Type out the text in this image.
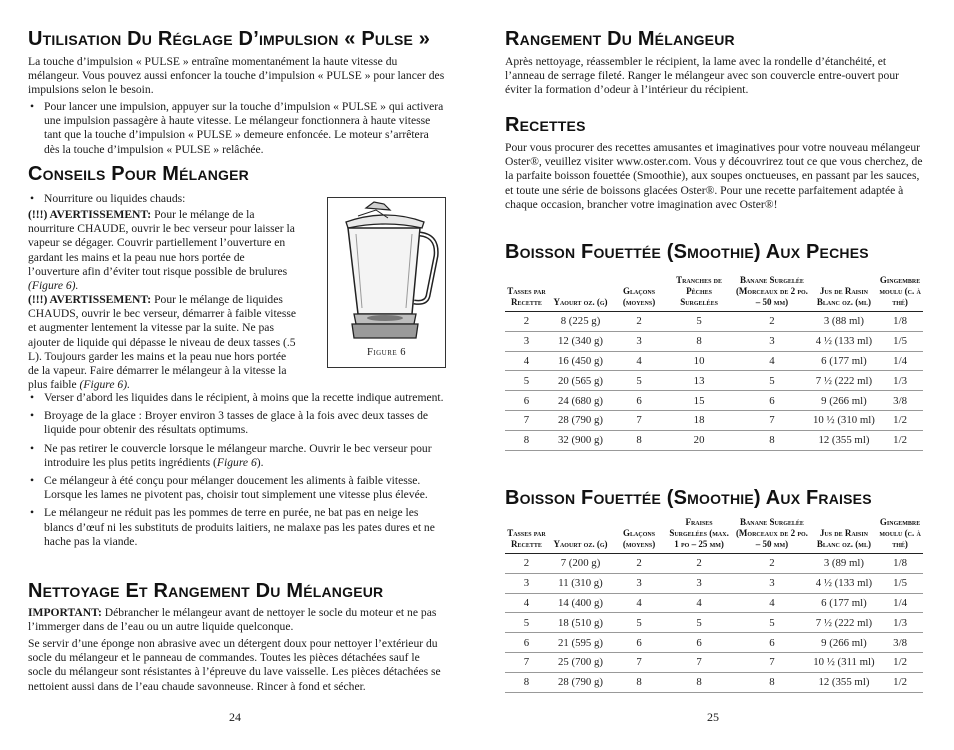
Utilisation Du Réglage D’impulsion « Pulse »

La touche d’impulsion « PULSE » entraîne momentanément la haute vitesse du mélangeur. Vous pouvez aussi enfoncer la touche d’impulsion « PULSE » pour lancer des impulsions selon le besoin.

• Pour lancer une impulsion, appuyer sur la touche d’impulsion « PULSE » qui activera une impulsion passagère à haute vitesse. Le mélangeur fonctionnera à haute vitesse tant que la touche d’impulsion « PULSE » demeure enfoncée. Le moteur s’arrêtera dès la touche d’impulsion « PULSE » relâchée.
Conseils Pour Mélanger
• Nourriture ou liquides chauds:

(!!!) AVERTISSEMENT: Pour le mélange de la nourriture CHAUDE, ouvrir le bec verseur pour laisser la vapeur se dégager. Couvrir partiellement l’ouverture en gardant les mains et la peau nue hors portée de l’ouverture afin d’éviter tout risque possible de brulures (Figure 6).

(!!!) AVERTISSEMENT: Pour le mélange de liquides CHAUDS, ouvrir le bec verseur, démarrer à faible vitesse et augmenter lentement la vitesse par la suite. Ne pas ajouter de liquide qui dépasse le niveau de deux tasses (.5 L). Toujours garder les mains et la peau nue hors portée de la vapeur. Faire démarrer le mélangeur à la vitesse la plus faible (Figure 6).

Figure 6
• Verser d’abord les liquides dans le récipient, à moins que la recette indique autrement.
• Broyage de la glace : Broyer environ 3 tasses de glace à la fois avec deux tasses de liquide pour obtenir des résultats optimums.
• Ne pas retirer le couvercle lorsque le mélangeur marche. Ouvrir le bec verseur pour introduire les plus petits ingrédients (Figure 6).
• Ce mélangeur à été conçu pour mélanger doucement les aliments à faible vitesse. Lorsque les lames ne pivotent pas, choisir tout simplement une vitesse plus élevée.
• Le mélangeur ne réduit pas les pommes de terre en purée, ne bat pas en neige les blancs d’œuf ni les substituts de produits laitiers, ne malaxe pas les pates dures et ne hache pas la viande.
Nettoyage Et Rangement Du Mélangeur

IMPORTANT: Débrancher le mélangeur avant de nettoyer le socle du moteur et ne pas l’immerger dans de l’eau ou un autre liquide quelconque.

Se servir d’une éponge non abrasive avec un détergent doux pour nettoyer l’extérieur du socle du mélangeur et le panneau de commandes. Toutes les pièces détachées sauf le socle du mélangeur sont résistantes à l’épreuve du lave vaisselle. Les pièces détachées se nettoient aussi dans de l’eau chaude savonneuse. Rincer à fond et sécher.

24
Rangement Du Mélangeur

Après nettoyage, réassembler le récipient, la lame avec la rondelle d’étanchéité, et l’anneau de serrage fileté. Ranger le mélangeur avec son couvercle entre-ouvert pour éviter la formation d’odeur à l’intérieur du récipient.

Recettes

Pour vous procurer des recettes amusantes et imaginatives pour votre nouveau mélangeur Oster®, veuillez visiter www.oster.com. Vous y découvrirez tout ce que vous cherchez, de la parfaite boisson fouettée (Smoothie), aux soupes onctueuses, en passant par les sauces, et toute une série de boissons glacées Oster®. Pour une recette parfaitement adaptée à chaque occasion, brancher votre imagination avec Oster®!

Boisson Fouettée (Smoothie) Aux Peches
Tasses par Recette	Yaourt oz. (g)	Glaçons (moyens)	Tranches de Pêches Surgelées	Banane Surgelée (Morceaux de 2 po. – 50 mm)	Jus de Raisin Blanc oz. (ml)	Gingembre moulu (c. à thé)
2	8 (225 g)	2	5	2	3 (88 ml)	1/8
3	12 (340 g)	3	8	3	4 ½ (133 ml)	1/5
4	16 (450 g)	4	10	4	6 (177 ml)	1/4
5	20 (565 g)	5	13	5	7 ½ (222 ml)	1/3
6	24 (680 g)	6	15	6	9 (266 ml)	3/8
7	28 (790 g)	7	18	7	10 ½ (310 ml)	1/2
8	32 (900 g)	8	20	8	12 (355 ml)	1/2
Boisson Fouettée (Smoothie) Aux Fraises
Tasses par Recette	Yaourt oz. (g)	Glaçons (moyens)	Fraises Surgelées (max. 1 po – 25 mm)	Banane Surgelée (Morceaux de 2 po. – 50 mm)	Jus de Raisin Blanc oz. (ml)	Gingembre moulu (c. à thé)
2	7 (200 g)	2	2	2	3 (89 ml)	1/8
3	11 (310 g)	3	3	3	4 ½ (133 ml)	1/5
4	14 (400 g)	4	4	4	6 (177 ml)	1/4
5	18 (510 g)	5	5	5	7 ½ (222 ml)	1/3
6	21 (595 g)	6	6	6	9 (266 ml)	3/8
7	25 (700 g)	7	7	7	10 ½ (311 ml)	1/2
8	28 (790 g)	8	8	8	12 (355 ml)	1/2
25
